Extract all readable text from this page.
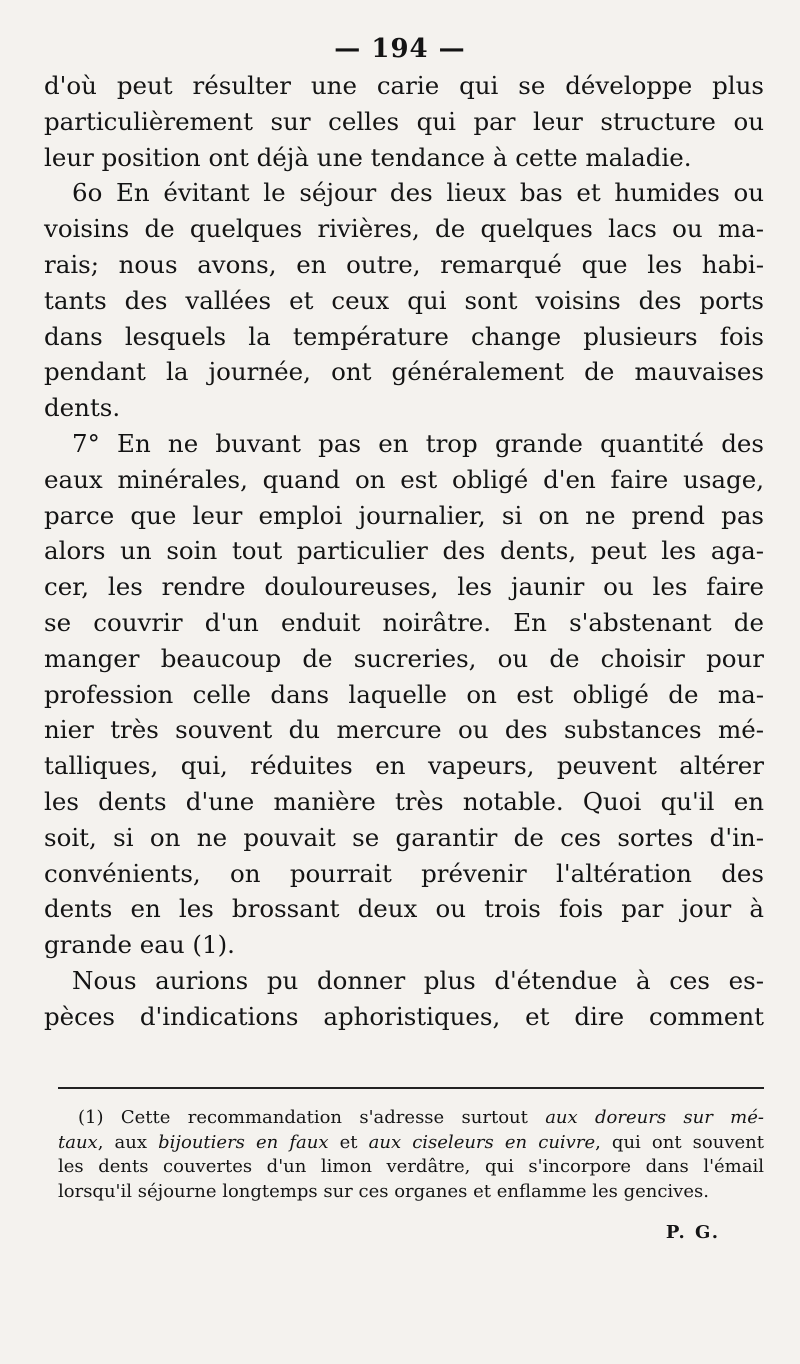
— 194 —
d'où peut résulter une carie qui se développe plus
particulièrement sur celles qui par leur structure ou
leur position ont déjà une tendance à cette maladie.
6o En évitant le séjour des lieux bas et humides ou
voisins de quelques rivières, de quelques lacs ou ma-
rais; nous avons, en outre, remarqué que les habi-
tants des vallées et ceux qui sont voisins des ports
dans lesquels la température change plusieurs fois
pendant la journée, ont généralement de mauvaises
dents.
7° En ne buvant pas en trop grande quantité des
eaux minérales, quand on est obligé d'en faire usage,
parce que leur emploi journalier, si on ne prend pas
alors un soin tout particulier des dents, peut les aga-
cer, les rendre douloureuses, les jaunir ou les faire
se couvrir d'un enduit noirâtre. En s'abstenant de
manger beaucoup de sucreries, ou de choisir pour
profession celle dans laquelle on est obligé de ma-
nier très souvent du mercure ou des substances mé-
talliques, qui, réduites en vapeurs, peuvent altérer
les dents d'une manière très notable. Quoi qu'il en
soit, si on ne pouvait se garantir de ces sortes d'in-
convénients, on pourrait prévenir l'altération des
dents en les brossant deux ou trois fois par jour à
grande eau (1).
Nous aurions pu donner plus d'étendue à ces es-
pèces d'indications aphoristiques, et dire comment
(1) Cette recommandation s'adresse surtout aux doreurs sur mé-
taux, aux bijoutiers en faux et aux ciseleurs en cuivre, qui ont souvent
les dents couvertes d'un limon verdâtre, qui s'incorpore dans l'émail
lorsqu'il séjourne longtemps sur ces organes et enflamme les gencives.
P. G.
